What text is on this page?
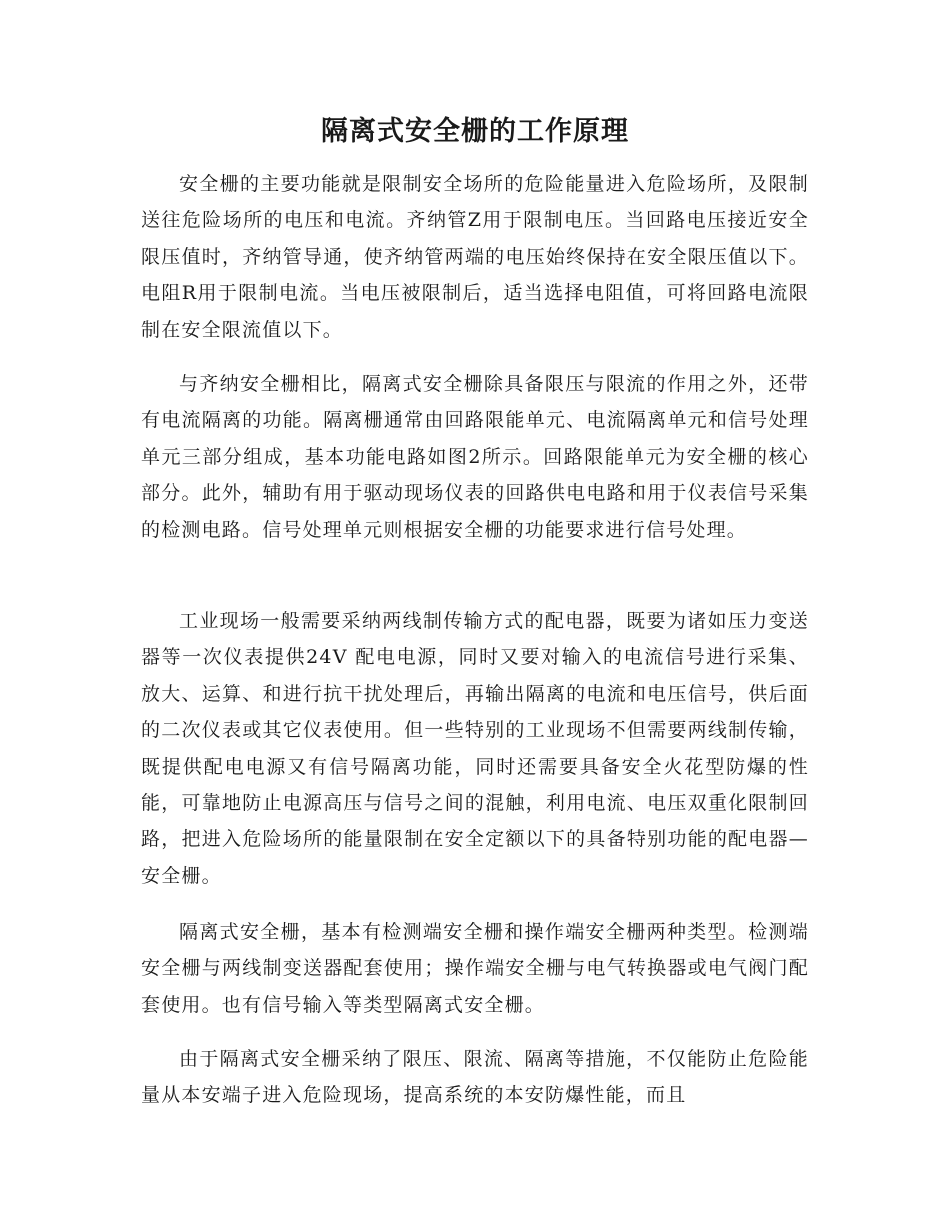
隔离式安全栅的工作原理

安全栅的主要功能就是限制安全场所的危险能量进入危险场所，及限制送往危险场所的电压和电流。齐纳管Z用于限制电压。当回路电压接近安全限压值时，齐纳管导通，使齐纳管两端的电压始终保持在安全限压值以下。电阻R用于限制电流。当电压被限制后，适当选择电阻值，可将回路电流限制在安全限流值以下。

与齐纳安全栅相比，隔离式安全栅除具备限压与限流的作用之外，还带有电流隔离的功能。隔离栅通常由回路限能单元、电流隔离单元和信号处理单元三部分组成，基本功能电路如图2所示。回路限能单元为安全栅的核心部分。此外，辅助有用于驱动现场仪表的回路供电电路和用于仪表信号采集的检测电路。信号处理单元则根据安全栅的功能要求进行信号处理。

工业现场一般需要采纳两线制传输方式的配电器，既要为诸如压力变送器等一次仪表提供24V 配电电源，同时又要对输入的电流信号进行采集、放大、运算、和进行抗干扰处理后，再输出隔离的电流和电压信号，供后面的二次仪表或其它仪表使用。但一些特别的工业现场不但需要两线制传输，既提供配电电源又有信号隔离功能，同时还需要具备安全火花型防爆的性能，可靠地防止电源高压与信号之间的混触，利用电流、电压双重化限制回路，把进入危险场所的能量限制在安全定额以下的具备特别功能的配电器—安全栅。

隔离式安全栅，基本有检测端安全栅和操作端安全栅两种类型。检测端安全栅与两线制变送器配套使用；操作端安全栅与电气转换器或电气阀门配套使用。也有信号输入等类型隔离式安全栅。

由于隔离式安全栅采纳了限压、限流、隔离等措施，不仅能防止危险能量从本安端子进入危险现场，提高系统的本安防爆性能，而且
